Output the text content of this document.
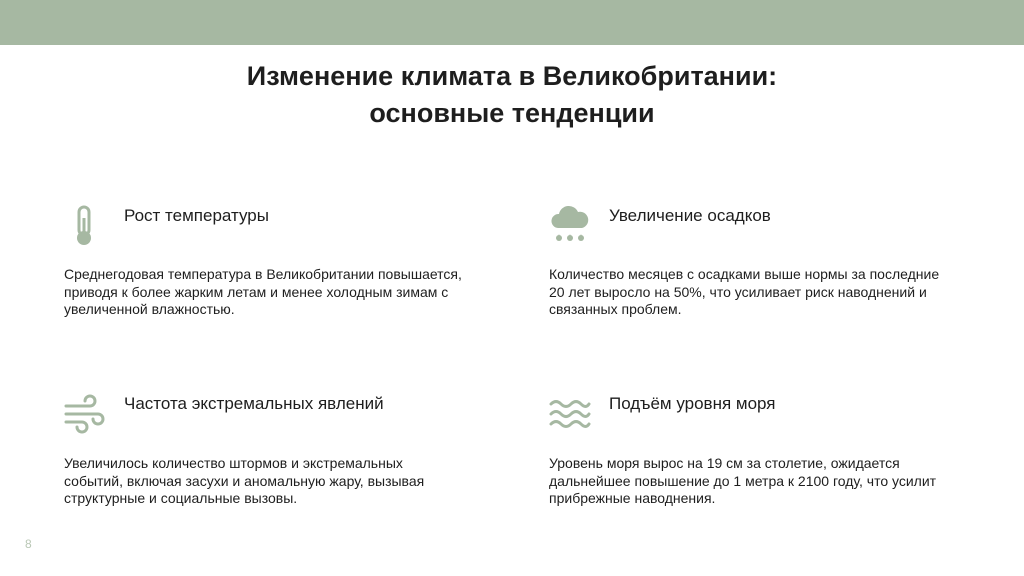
Изменение климата в Великобритании:
основные тенденции
Рост температуры
Среднегодовая температура в Великобритании повышается, приводя к более жарким летам и менее холодным зимам с увеличенной влажностью.
Увеличение осадков
Количество месяцев с осадками выше нормы за последние 20 лет выросло на 50%, что усиливает риск наводнений и связанных проблем.
Частота экстремальных явлений
Увеличилось количество штормов и экстремальных событий, включая засухи и аномальную жару, вызывая структурные и социальные вызовы.
Подъём уровня моря
Уровень моря вырос на 19 см за столетие, ожидается дальнейшее повышение до 1 метра к 2100 году, что усилит прибрежные наводнения.
8
